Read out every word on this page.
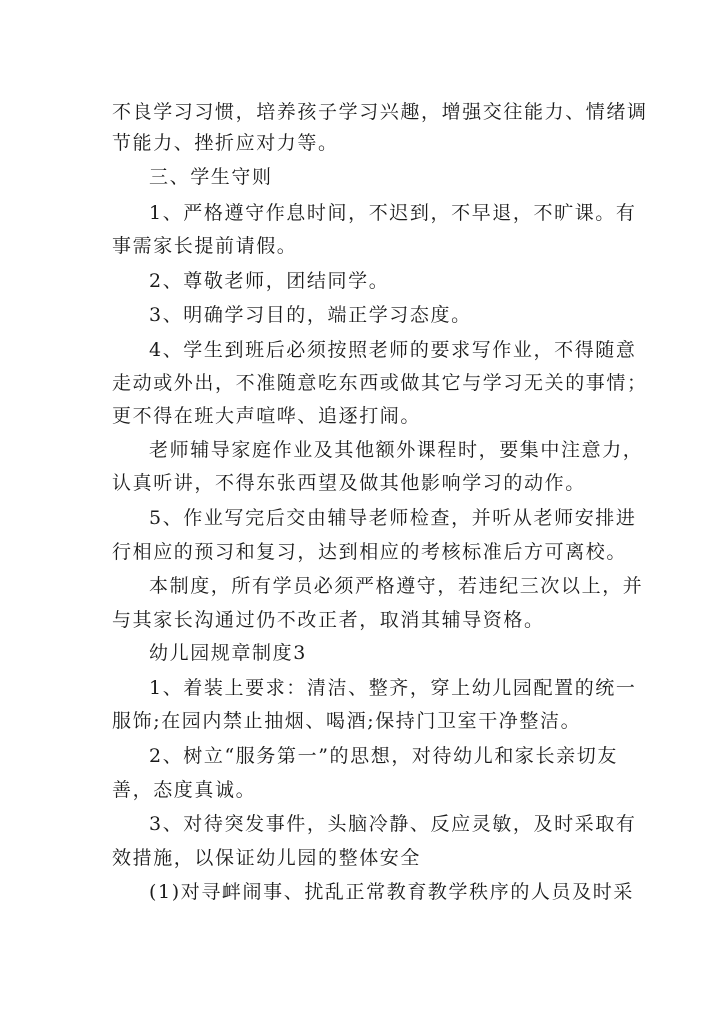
不良学习习惯，培养孩子学习兴趣，增强交往能力、情绪调
节能力、挫折应对力等。
三、学生守则
1、严格遵守作息时间，不迟到，不早退，不旷课。有
事需家长提前请假。
2、尊敬老师，团结同学。
3、明确学习目的，端正学习态度。
4、学生到班后必须按照老师的要求写作业，不得随意
走动或外出，不准随意吃东西或做其它与学习无关的事情；
更不得在班大声喧哗、追逐打闹。
老师辅导家庭作业及其他额外课程时，要集中注意力，
认真听讲，不得东张西望及做其他影响学习的动作。
5、作业写完后交由辅导老师检查，并听从老师安排进
行相应的预习和复习，达到相应的考核标准后方可离校。
本制度，所有学员必须严格遵守，若违纪三次以上，并
与其家长沟通过仍不改正者，取消其辅导资格。
幼儿园规章制度3
1、着装上要求：清洁、整齐，穿上幼儿园配置的统一
服饰;在园内禁止抽烟、喝酒;保持门卫室干净整洁。
2、树立“服务第一”的思想，对待幼儿和家长亲切友
善，态度真诚。
3、对待突发事件，头脑冷静、反应灵敏，及时采取有
效措施，以保证幼儿园的整体安全
(1)对寻衅闹事、扰乱正常教育教学秩序的人员及时采
